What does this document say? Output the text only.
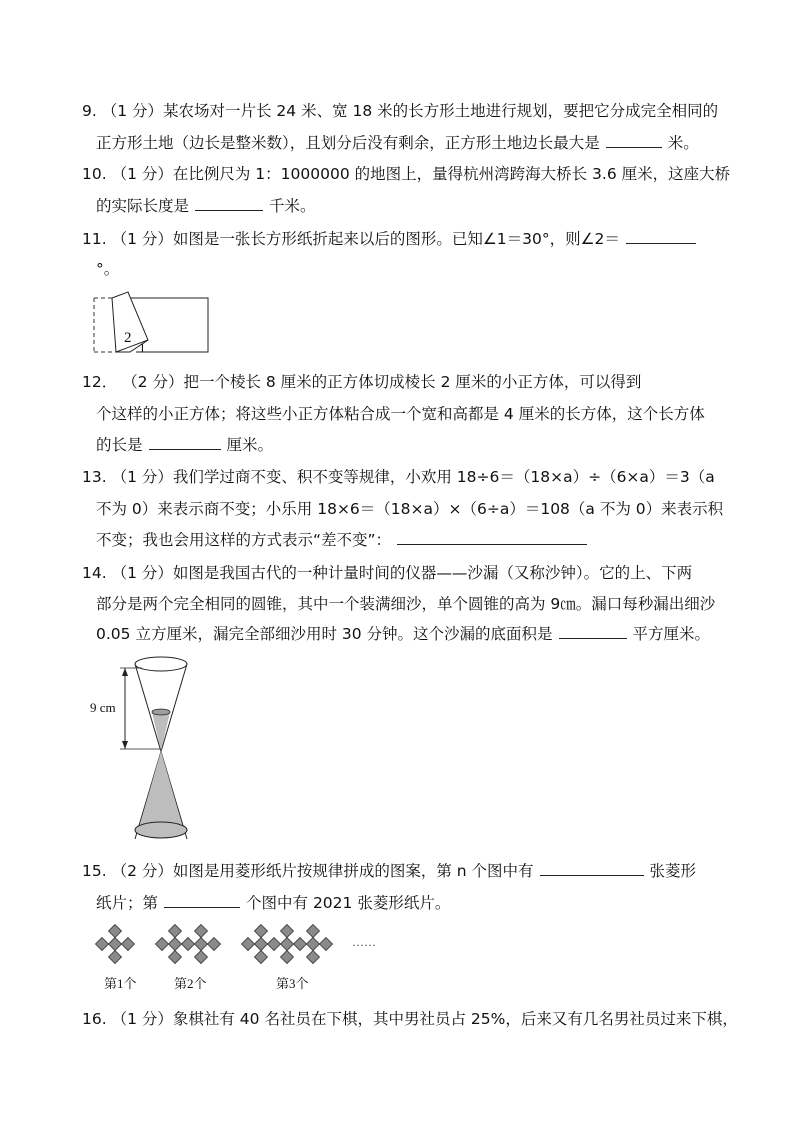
9. （1 分）某农场对一片长 24 米、宽 18 米的长方形土地进行规划，要把它分成完全相同的
正方形土地（边长是整米数），且划分后没有剩余，正方形土地边长最大是	米。
10. （1 分）在比例尺为 1：1000000 的地图上，量得杭州湾跨海大桥长 3.6 厘米，这座大桥
的实际长度是	千米。
11. （1 分）如图是一张长方形纸折起来以后的图形。已知∠1＝30°，则∠2＝
°。
2
1
12． （2 分）把一个棱长 8 厘米的正方体切成棱长 2 厘米的小正方体，可以得到
个这样的小正方体；将这些小正方体粘合成一个宽和高都是 4 厘米的长方体，这个长方体
的长是	厘米。
13. （1 分）我们学过商不变、积不变等规律，小欢用 18÷6＝（18×a）÷（6×a）＝3（a
不为 0）来表示商不变；小乐用 18×6＝（18×a）×（6÷a）＝108（a 不为 0）来表示积
不变；我也会用这样的方式表示“差不变”：
14. （1 分）如图是我国古代的一种计量时间的仪器——沙漏（又称沙钟）。它的上、下两
部分是两个完全相同的圆锥，其中一个装满细沙，单个圆锥的高为 9㎝。漏口每秒漏出细沙
0.05 立方厘米，漏完全部细沙用时 30 分钟。这个沙漏的底面积是	平方厘米。
9 cm
15. （2 分）如图是用菱形纸片按规律拼成的图案，第 n 个图中有	张菱形
纸片；第	个图中有 2021 张菱形纸片。
……
第1个	第2个	第3个
16. （1 分）象棋社有 40 名社员在下棋，其中男社员占 25%，后来又有几名男社员过来下棋，
